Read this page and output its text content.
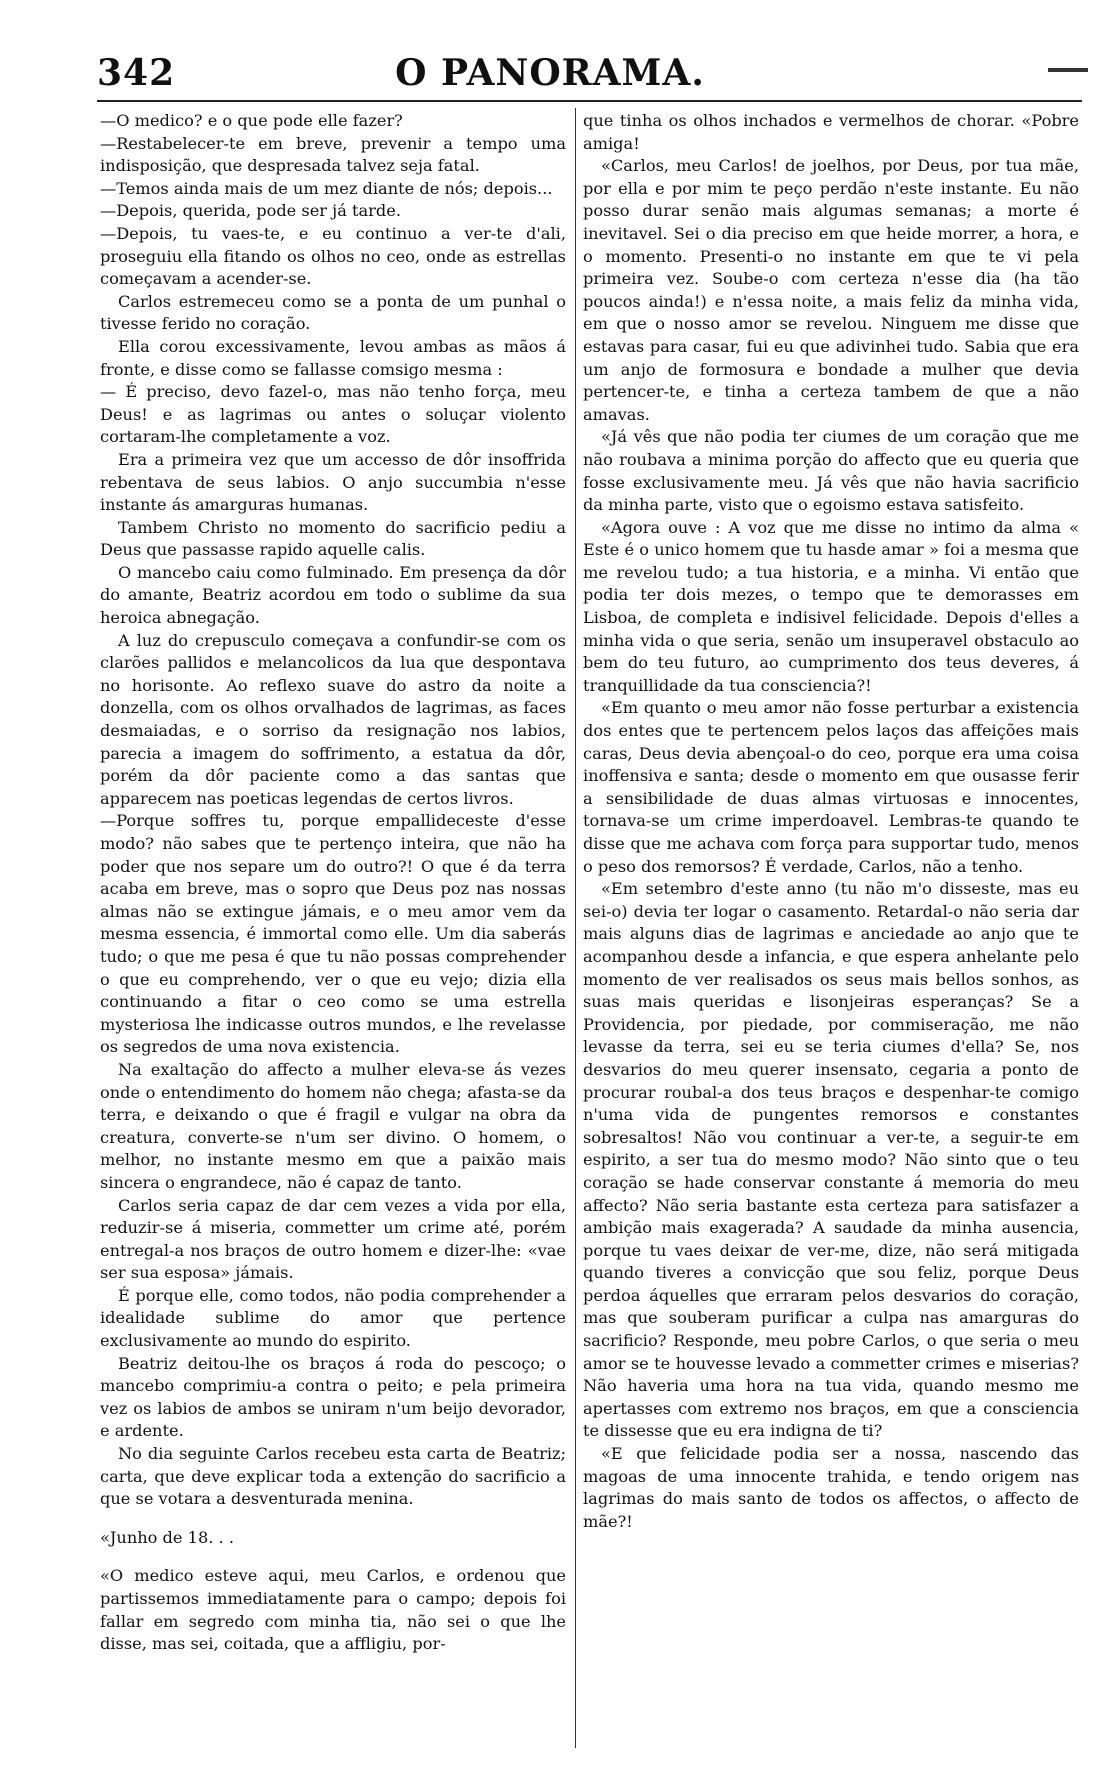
342	O PANORAMA.

—O medico? e o que pode elle fazer?

—Restabelecer-te em breve, prevenir a tempo uma indisposição, que despresada talvez seja fatal.

—Temos ainda mais de um mez diante de nós; depois...

—Depois, querida, pode ser já tarde.

—Depois, tu vaes-te, e eu continuo a ver-te d'ali, proseguiu ella fitando os olhos no ceo, onde as estrellas começavam a acender-se.

Carlos estremeceu como se a ponta de um punhal o tivesse ferido no coração.

Ella corou excessivamente, levou ambas as mãos á fronte, e disse como se fallasse comsigo mesma :

— É preciso, devo fazel-o, mas não tenho força, meu Deus! e as lagrimas ou antes o soluçar violento cortaram-lhe completamente a voz.

Era a primeira vez que um accesso de dôr insoffrida rebentava de seus labios. O anjo succumbia n'esse instante ás amarguras humanas.

Tambem Christo no momento do sacrificio pediu a Deus que passasse rapido aquelle calis.

O mancebo caiu como fulminado. Em presença da dôr do amante, Beatriz acordou em todo o sublime da sua heroica abnegação.

A luz do crepusculo começava a confundir-se com os clarões pallidos e melancolicos da lua que despontava no horisonte. Ao reflexo suave do astro da noite a donzella, com os olhos orvalhados de lagrimas, as faces desmaiadas, e o sorriso da resignação nos labios, parecia a imagem do soffrimento, a estatua da dôr, porém da dôr paciente como a das santas que apparecem nas poeticas legendas de certos livros.

—Porque soffres tu, porque empallideceste d'esse modo? não sabes que te pertenço inteira, que não ha poder que nos separe um do outro?! O que é da terra acaba em breve, mas o sopro que Deus poz nas nossas almas não se extingue jámais, e o meu amor vem da mesma essencia, é immortal como elle. Um dia saberás tudo; o que me pesa é que tu não possas comprehender o que eu comprehendo, ver o que eu vejo; dizia ella continuando a fitar o ceo como se uma estrella mysteriosa lhe indicasse outros mundos, e lhe revelasse os segredos de uma nova existencia.

Na exaltação do affecto a mulher eleva-se ás vezes onde o entendimento do homem não chega; afasta-se da terra, e deixando o que é fragil e vulgar na obra da creatura, converte-se n'um ser divino. O homem, o melhor, no instante mesmo em que a paixão mais sincera o engrandece, não é capaz de tanto.

Carlos seria capaz de dar cem vezes a vida por ella, reduzir-se á miseria, commetter um crime até, porém entregal-a nos braços de outro homem e dizer-lhe: «vae ser sua esposa» jámais.

É porque elle, como todos, não podia comprehender a idealidade sublime do amor que pertence exclusivamente ao mundo do espirito.

Beatriz deitou-lhe os braços á roda do pescoço; o mancebo comprimiu-a contra o peito; e pela primeira vez os labios de ambos se uniram n'um beijo devorador, e ardente.

No dia seguinte Carlos recebeu esta carta de Beatriz; carta, que deve explicar toda a extenção do sacrificio a que se votara a desventurada menina.

«Junho de 18. . .

«O medico esteve aqui, meu Carlos, e ordenou que partissemos immediatamente para o campo; depois foi fallar em segredo com minha tia, não sei o que lhe disse, mas sei, coitada, que a affligiu, por-

que tinha os olhos inchados e vermelhos de chorar. «Pobre amiga!

«Carlos, meu Carlos! de joelhos, por Deus, por tua mãe, por ella e por mim te peço perdão n'este instante. Eu não posso durar senão mais algumas semanas; a morte é inevitavel. Sei o dia preciso em que heide morrer, a hora, e o momento. Presenti-o no instante em que te vi pela primeira vez. Soube-o com certeza n'esse dia (ha tão poucos ainda!) e n'essa noite, a mais feliz da minha vida, em que o nosso amor se revelou. Ninguem me disse que estavas para casar, fui eu que adivinhei tudo. Sabia que era um anjo de formosura e bondade a mulher que devia pertencer-te, e tinha a certeza tambem de que a não amavas.

«Já vês que não podia ter ciumes de um coração que me não roubava a minima porção do affecto que eu queria que fosse exclusivamente meu. Já vês que não havia sacrificio da minha parte, visto que o egoismo estava satisfeito.

«Agora ouve : A voz que me disse no intimo da alma « Este é o unico homem que tu hasde amar » foi a mesma que me revelou tudo; a tua historia, e a minha. Vi então que podia ter dois mezes, o tempo que te demorasses em Lisboa, de completa e indisivel felicidade. Depois d'elles a minha vida o que seria, senão um insuperavel obstaculo ao bem do teu futuro, ao cumprimento dos teus deveres, á tranquillidade da tua consciencia?!

«Em quanto o meu amor não fosse perturbar a existencia dos entes que te pertencem pelos laços das affeições mais caras, Deus devia abençoal-o do ceo, porque era uma coisa inoffensiva e santa; desde o momento em que ousasse ferir a sensibilidade de duas almas virtuosas e innocentes, tornava-se um crime imperdoavel. Lembras-te quando te disse que me achava com força para supportar tudo, menos o peso dos remorsos? É verdade, Carlos, não a tenho.

«Em setembro d'este anno (tu não m'o disseste, mas eu sei-o) devia ter logar o casamento. Retardal-o não seria dar mais alguns dias de lagrimas e anciedade ao anjo que te acompanhou desde a infancia, e que espera anhelante pelo momento de ver realisados os seus mais bellos sonhos, as suas mais queridas e lisonjeiras esperanças? Se a Providencia, por piedade, por commiseração, me não levasse da terra, sei eu se teria ciumes d'ella? Se, nos desvarios do meu querer insensato, cegaria a ponto de procurar roubal-a dos teus braços e despenhar-te comigo n'uma vida de pungentes remorsos e constantes sobresaltos! Não vou continuar a ver-te, a seguir-te em espirito, a ser tua do mesmo modo? Não sinto que o teu coração se hade conservar constante á memoria do meu affecto? Não seria bastante esta certeza para satisfazer a ambição mais exagerada? A saudade da minha ausencia, porque tu vaes deixar de ver-me, dize, não será mitigada quando tiveres a convicção que sou feliz, porque Deus perdoa áquelles que erraram pelos desvarios do coração, mas que souberam purificar a culpa nas amarguras do sacrificio? Responde, meu pobre Carlos, o que seria o meu amor se te houvesse levado a commetter crimes e miserias? Não haveria uma hora na tua vida, quando mesmo me apertasses com extremo nos braços, em que a consciencia te dissesse que eu era indigna de ti?

«E que felicidade podia ser a nossa, nascendo das magoas de uma innocente trahida, e tendo origem nas lagrimas do mais santo de todos os affectos, o affecto de mãe?!
